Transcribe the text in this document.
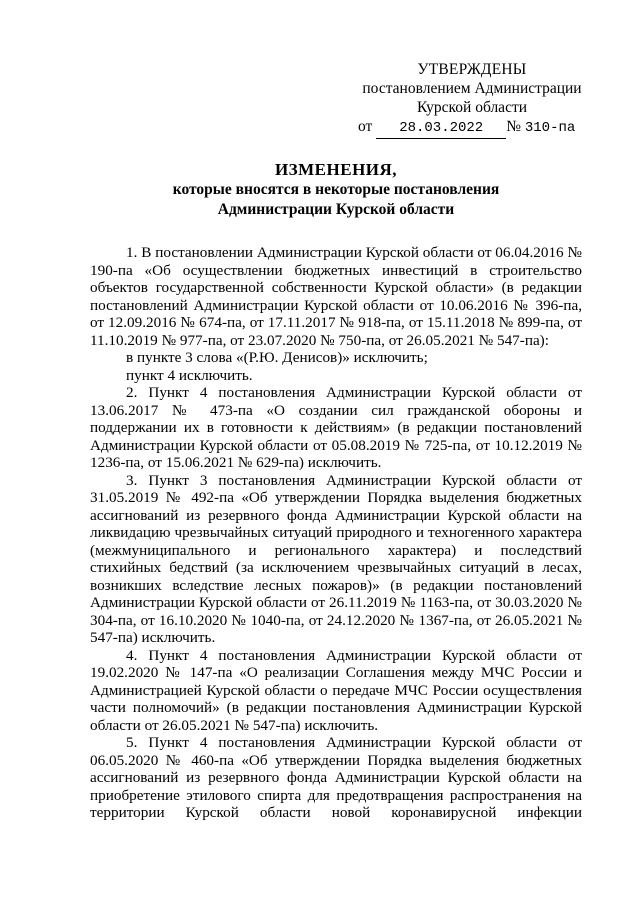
УТВЕРЖДЕНЫ
постановлением Администрации
Курской области
от 28.03.2022 № 310-па
ИЗМЕНЕНИЯ,
которые вносятся в некоторые постановления
Администрации Курской области

1. В постановлении Администрации Курской области от 06.04.2016 № 190-па «Об осуществлении бюджетных инвестиций в строительство объектов государственной собственности Курской области» (в редакции постановлений Администрации Курской области от 10.06.2016 № 396-па, от 12.09.2016 № 674-па, от 17.11.2017 № 918-па, от 15.11.2018 № 899-па, от 11.10.2019 № 977-па, от 23.07.2020 № 750-па, от 26.05.2021 № 547-па):

в пункте 3 слова «(Р.Ю. Денисов)» исключить;

пункт 4 исключить.

2. Пункт 4 постановления Администрации Курской области от 13.06.2017 № 473-па «О создании сил гражданской обороны и поддержании их в готовности к действиям» (в редакции постановлений Администрации Курской области от 05.08.2019 № 725-па, от 10.12.2019 № 1236-па, от 15.06.2021 № 629-па) исключить.

3. Пункт 3 постановления Администрации Курской области от 31.05.2019 № 492-па «Об утверждении Порядка выделения бюджетных ассигнований из резервного фонда Администрации Курской области на ликвидацию чрезвычайных ситуаций природного и техногенного характера (межмуниципального и регионального характера) и последствий стихийных бедствий (за исключением чрезвычайных ситуаций в лесах, возникших вследствие лесных пожаров)» (в редакции постановлений Администрации Курской области от 26.11.2019 № 1163-па, от 30.03.2020 № 304-па, от 16.10.2020 № 1040-па, от 24.12.2020 № 1367-па, от 26.05.2021 № 547-па) исключить.

4. Пункт 4 постановления Администрации Курской области от 19.02.2020 № 147-па «О реализации Соглашения между МЧС России и Администрацией Курской области о передаче МЧС России осуществления части полномочий» (в редакции постановления Администрации Курской области от 26.05.2021 № 547-па) исключить.

5. Пункт 4 постановления Администрации Курской области от 06.05.2020 № 460-па «Об утверждении Порядка выделения бюджетных ассигнований из резервного фонда Администрации Курской области на приобретение этилового спирта для предотвращения распространения на территории Курской области новой коронавирусной инфекции
